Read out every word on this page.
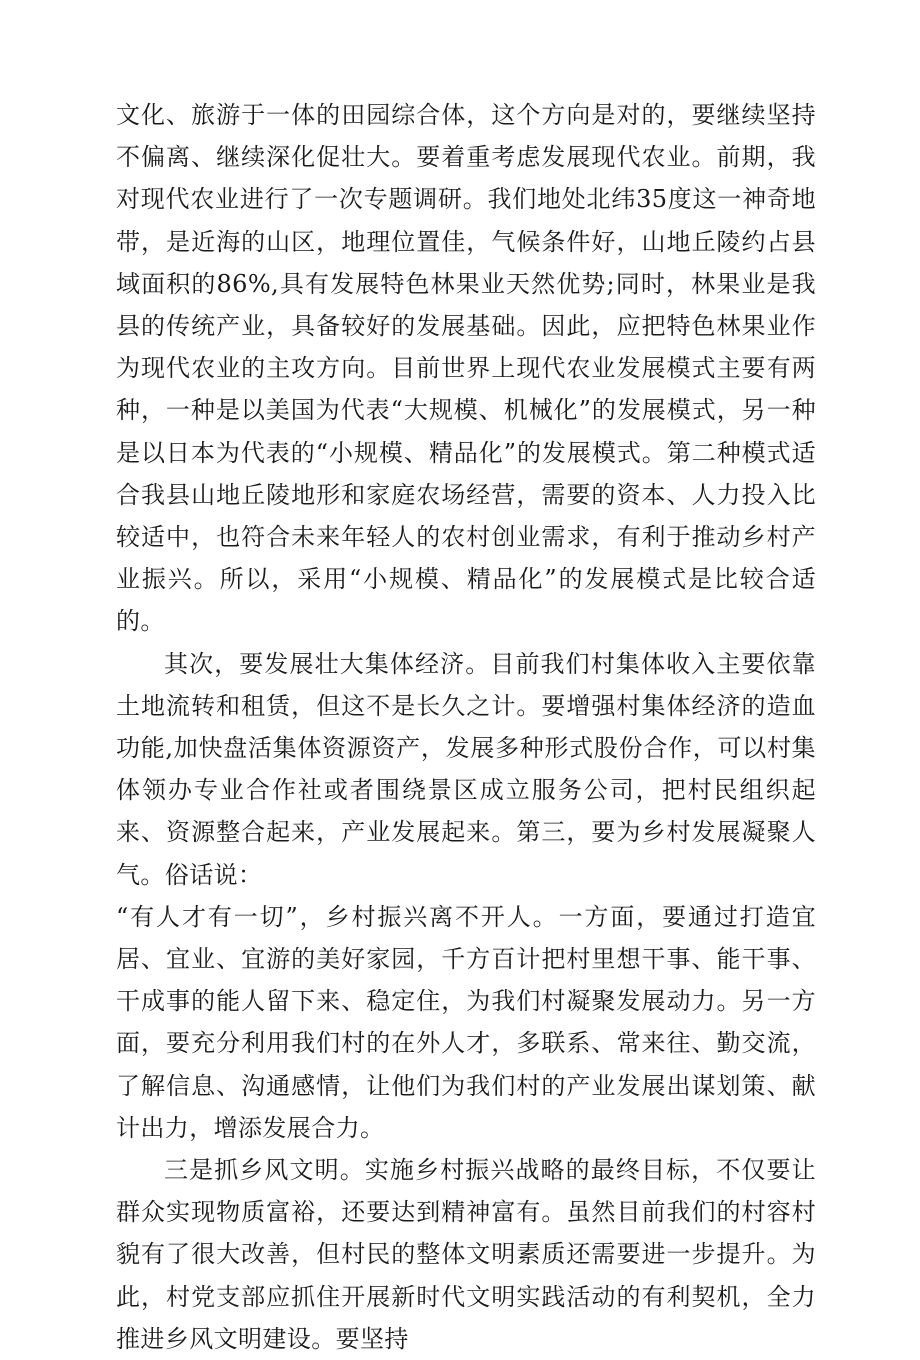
文化、旅游于一体的田园综合体，这个方向是对的，要继续坚持不偏离、继续深化促壮大。要着重考虑发展现代农业。前期，我对现代农业进行了一次专题调研。我们地处北纬35度这一神奇地带，是近海的山区，地理位置佳，气候条件好，山地丘陵约占县域面积的86%,具有发展特色林果业天然优势;同时，林果业是我县的传统产业，具备较好的发展基础。因此，应把特色林果业作为现代农业的主攻方向。目前世界上现代农业发展模式主要有两种，一种是以美国为代表“大规模、机械化”的发展模式，另一种是以日本为代表的“小规模、精品化”的发展模式。第二种模式适合我县山地丘陵地形和家庭农场经营，需要的资本、人力投入比较适中，也符合未来年轻人的农村创业需求，有利于推动乡村产业振兴。所以，采用“小规模、精品化”的发展模式是比较合适的。

其次，要发展壮大集体经济。目前我们村集体收入主要依靠土地流转和租赁，但这不是长久之计。要增强村集体经济的造血功能,加快盘活集体资源资产，发展多种形式股份合作，可以村集体领办专业合作社或者围绕景区成立服务公司，把村民组织起来、资源整合起来，产业发展起来。第三，要为乡村发展凝聚人气。俗话说：

“有人才有一切”，乡村振兴离不开人。一方面，要通过打造宜居、宜业、宜游的美好家园，千方百计把村里想干事、能干事、干成事的能人留下来、稳定住，为我们村凝聚发展动力。另一方面，要充分利用我们村的在外人才，多联系、常来往、勤交流，了解信息、沟通感情，让他们为我们村的产业发展出谋划策、献计出力，增添发展合力。

三是抓乡风文明。实施乡村振兴战略的最终目标，不仅要让群众实现物质富裕，还要达到精神富有。虽然目前我们的村容村貌有了很大改善，但村民的整体文明素质还需要进一步提升。为此，村党支部应抓住开展新时代文明实践活动的有利契机，全力推进乡风文明建设。要坚持
